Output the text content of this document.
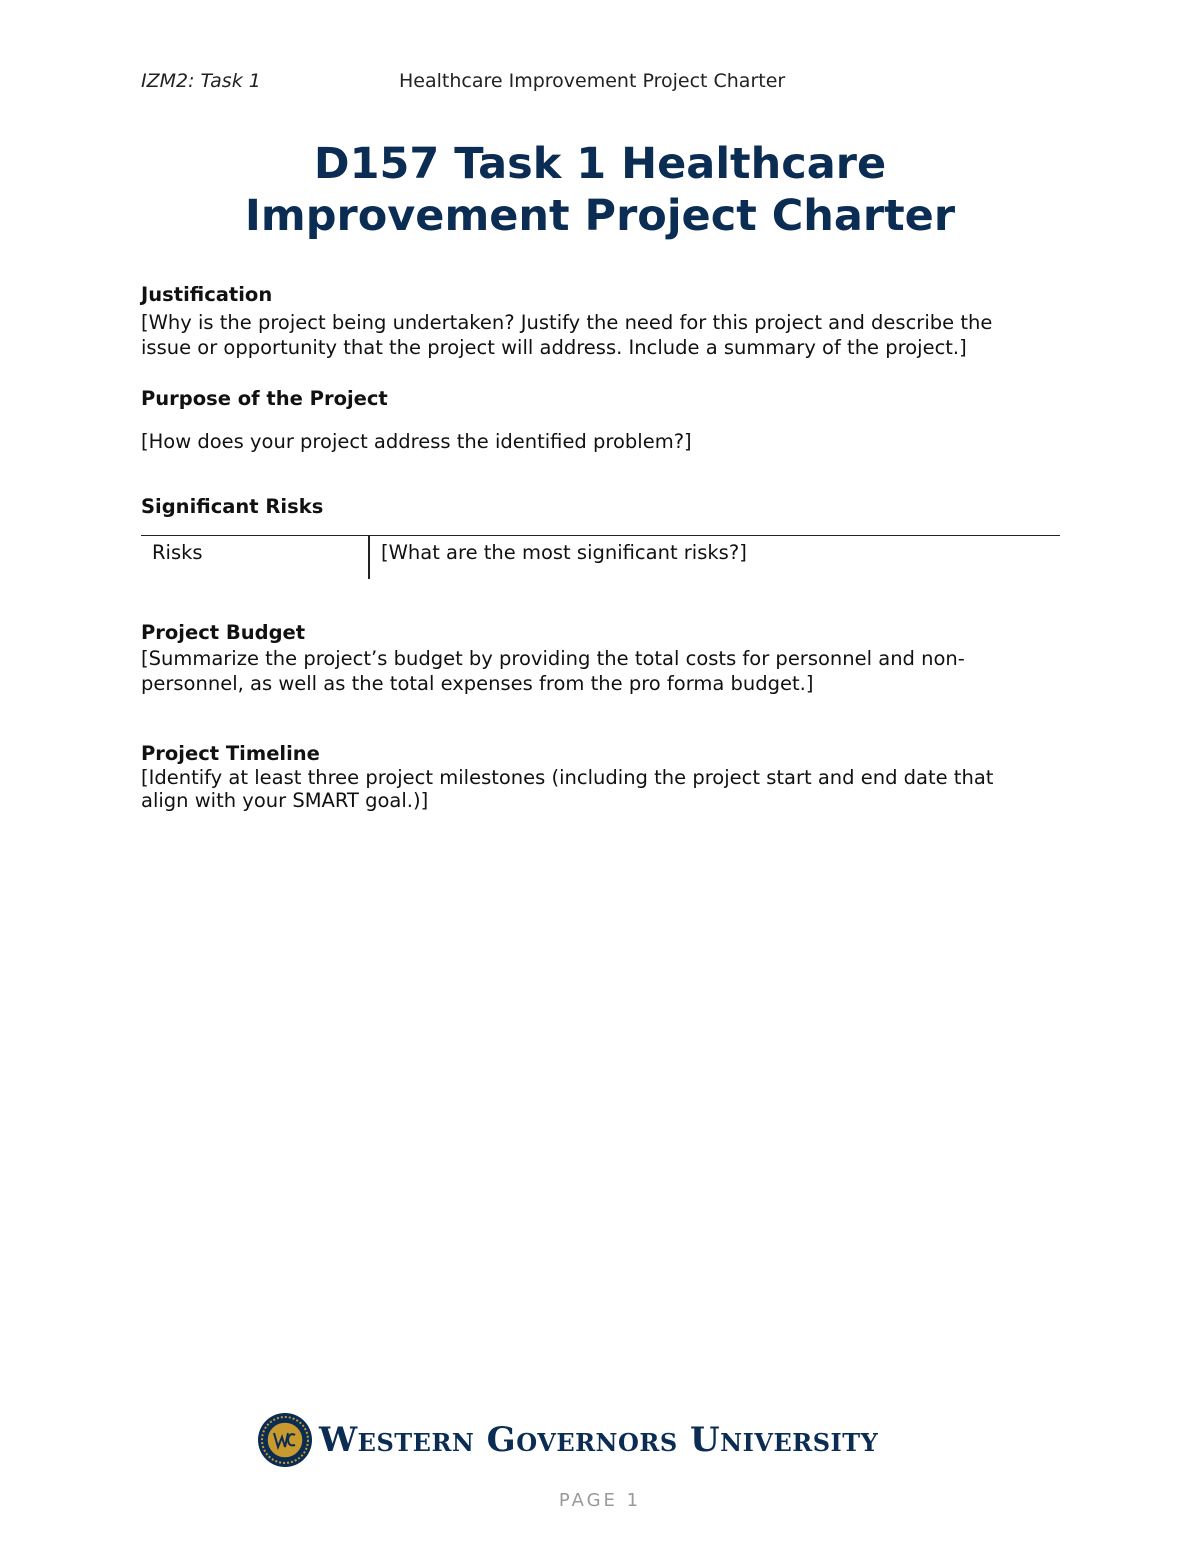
IZM2: Task 1	Healthcare Improvement Project Charter
D157 Task 1 Healthcare
Improvement Project Charter
Justification
[Why is the project being undertaken? Justify the need for this project and describe the
issue or opportunity that the project will address. Include a summary of the project.]
Purpose of the Project
[How does your project address the identified problem?]
Significant Risks
Risks	[What are the most significant risks?]
Project Budget
[Summarize the project’s budget by providing the total costs for personnel and non-
personnel, as well as the total expenses from the pro forma budget.]
Project Timeline
[Identify at least three project milestones (including the project start and end date that
align with your SMART goal.)]
Western Governors University
PAGE 1
